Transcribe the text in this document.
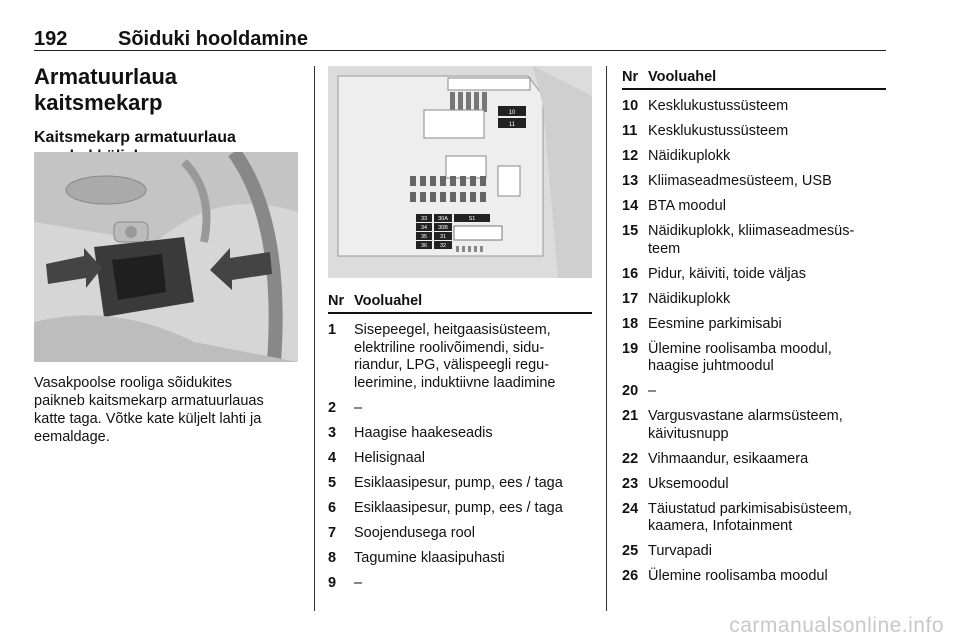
192	Sõiduki hooldamine
Armatuurlaua kaitsmekarp
Kaitsmekarp armatuurlaua
Vasakpoolse rooliga sõidukites
paikneb kaitsmekarp armatuurlauas
katte taga. Võtke kate küljelt lahti ja
eemaldage.
10
11
33
34
35
36
30A
30B
31
32
S1
Nr Vooluahel
1 Sisepeegel, heitgaasisüsteem,
elektriline roolivõimendi, sidu-
riandur, LPG, välispeegli regu-
leerimine, induktiivne laadimine
2 –
3 Haagise haakeseadis
4 Helisignaal
5 Esiklaasipesur, pump, ees / taga
6 Esiklaasipesur, pump, ees / taga
7 Soojendusega rool
8 Tagumine klaasipuhasti
9 –
Nr Vooluahel
10 Kesklukustussüsteem
11 Kesklukustussüsteem
12 Näidikuplokk
13 Kliimaseadmesüsteem, USB
14 BTA moodul
15 Näidikuplokk, kliimaseadmesüs-
teem
16 Pidur, käiviti, toide väljas
17 Näidikuplokk
18 Eesmine parkimisabi
19 Ülemine roolisamba moodul,
haagise juhtmoodul
20 –
21 Vargusvastane alarmsüsteem,
käivitusnupp
22 Vihmaandur, esikaamera
23 Uksemoodul
24 Täiustatud parkimisabisüsteem,
kaamera, Infotainment
25 Turvapadi
26 Ülemine roolisamba moodul
carmanualsonline.info
